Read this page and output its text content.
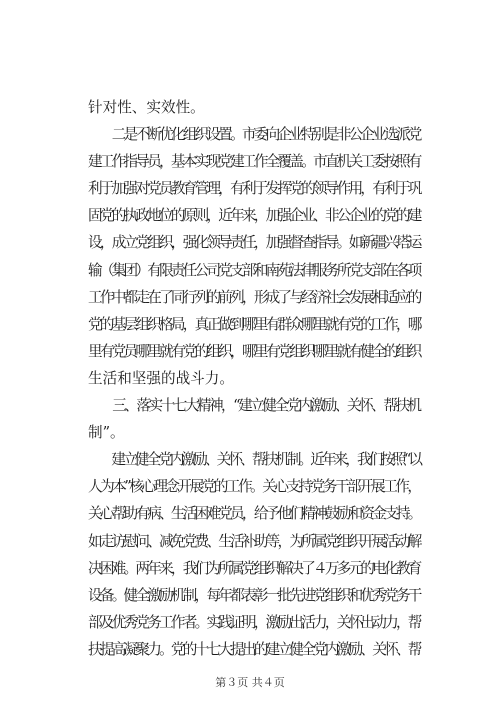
针对性、实效性。
　　二是不断优化组织设置。市委向企业特别是非公企业选派党
建工作指导员，基本实现党建工作全覆盖。市直机关工委按照有
利于加强对党员教育管理，有利于发挥党的领导作用，有利于巩
固党的执政地位的原则，近年来，加强企业、非公企业的党的建
设，成立党组织，强化领导责任，加强督查指导。如新疆兴塔运
输（集团）有限责任公司党支部和南苑法律服务所党支部在各项
工作中都走在了同行列的前列，形成了与经济社会发展相适应的
党的基层组织格局，真正做到哪里有群众哪里就有党的工作，哪
里有党员哪里就有党的组织，哪里有党组织哪里就有健全的组织
生活和坚强的战斗力。
　　三、落实十七大精神，“建立健全党内激励、关怀、帮扶机
制”。
　　建立健全党内激励、关怀、帮扶机制。近年来，我们按照“以
人为本”核心理念开展党的工作。关心支持党务干部开展工作，
关心帮助有病、生活困难党员，给予他们精神鼓励和资金支持。
如走访慰问、减免党费、生活补助等，为所属党组织开展活动解
决困难。两年来，我们为所属党组织解决了４万多元的电化教育
设备。健全激励机制，每年都表彰一批先进党组织和优秀党务干
部及优秀党务工作者。实践证明，激励出活力，关怀出动力，帮
扶提高凝聚力。党的十七大提出的建立健全党内激励、关怀、帮
第３页 共４页
